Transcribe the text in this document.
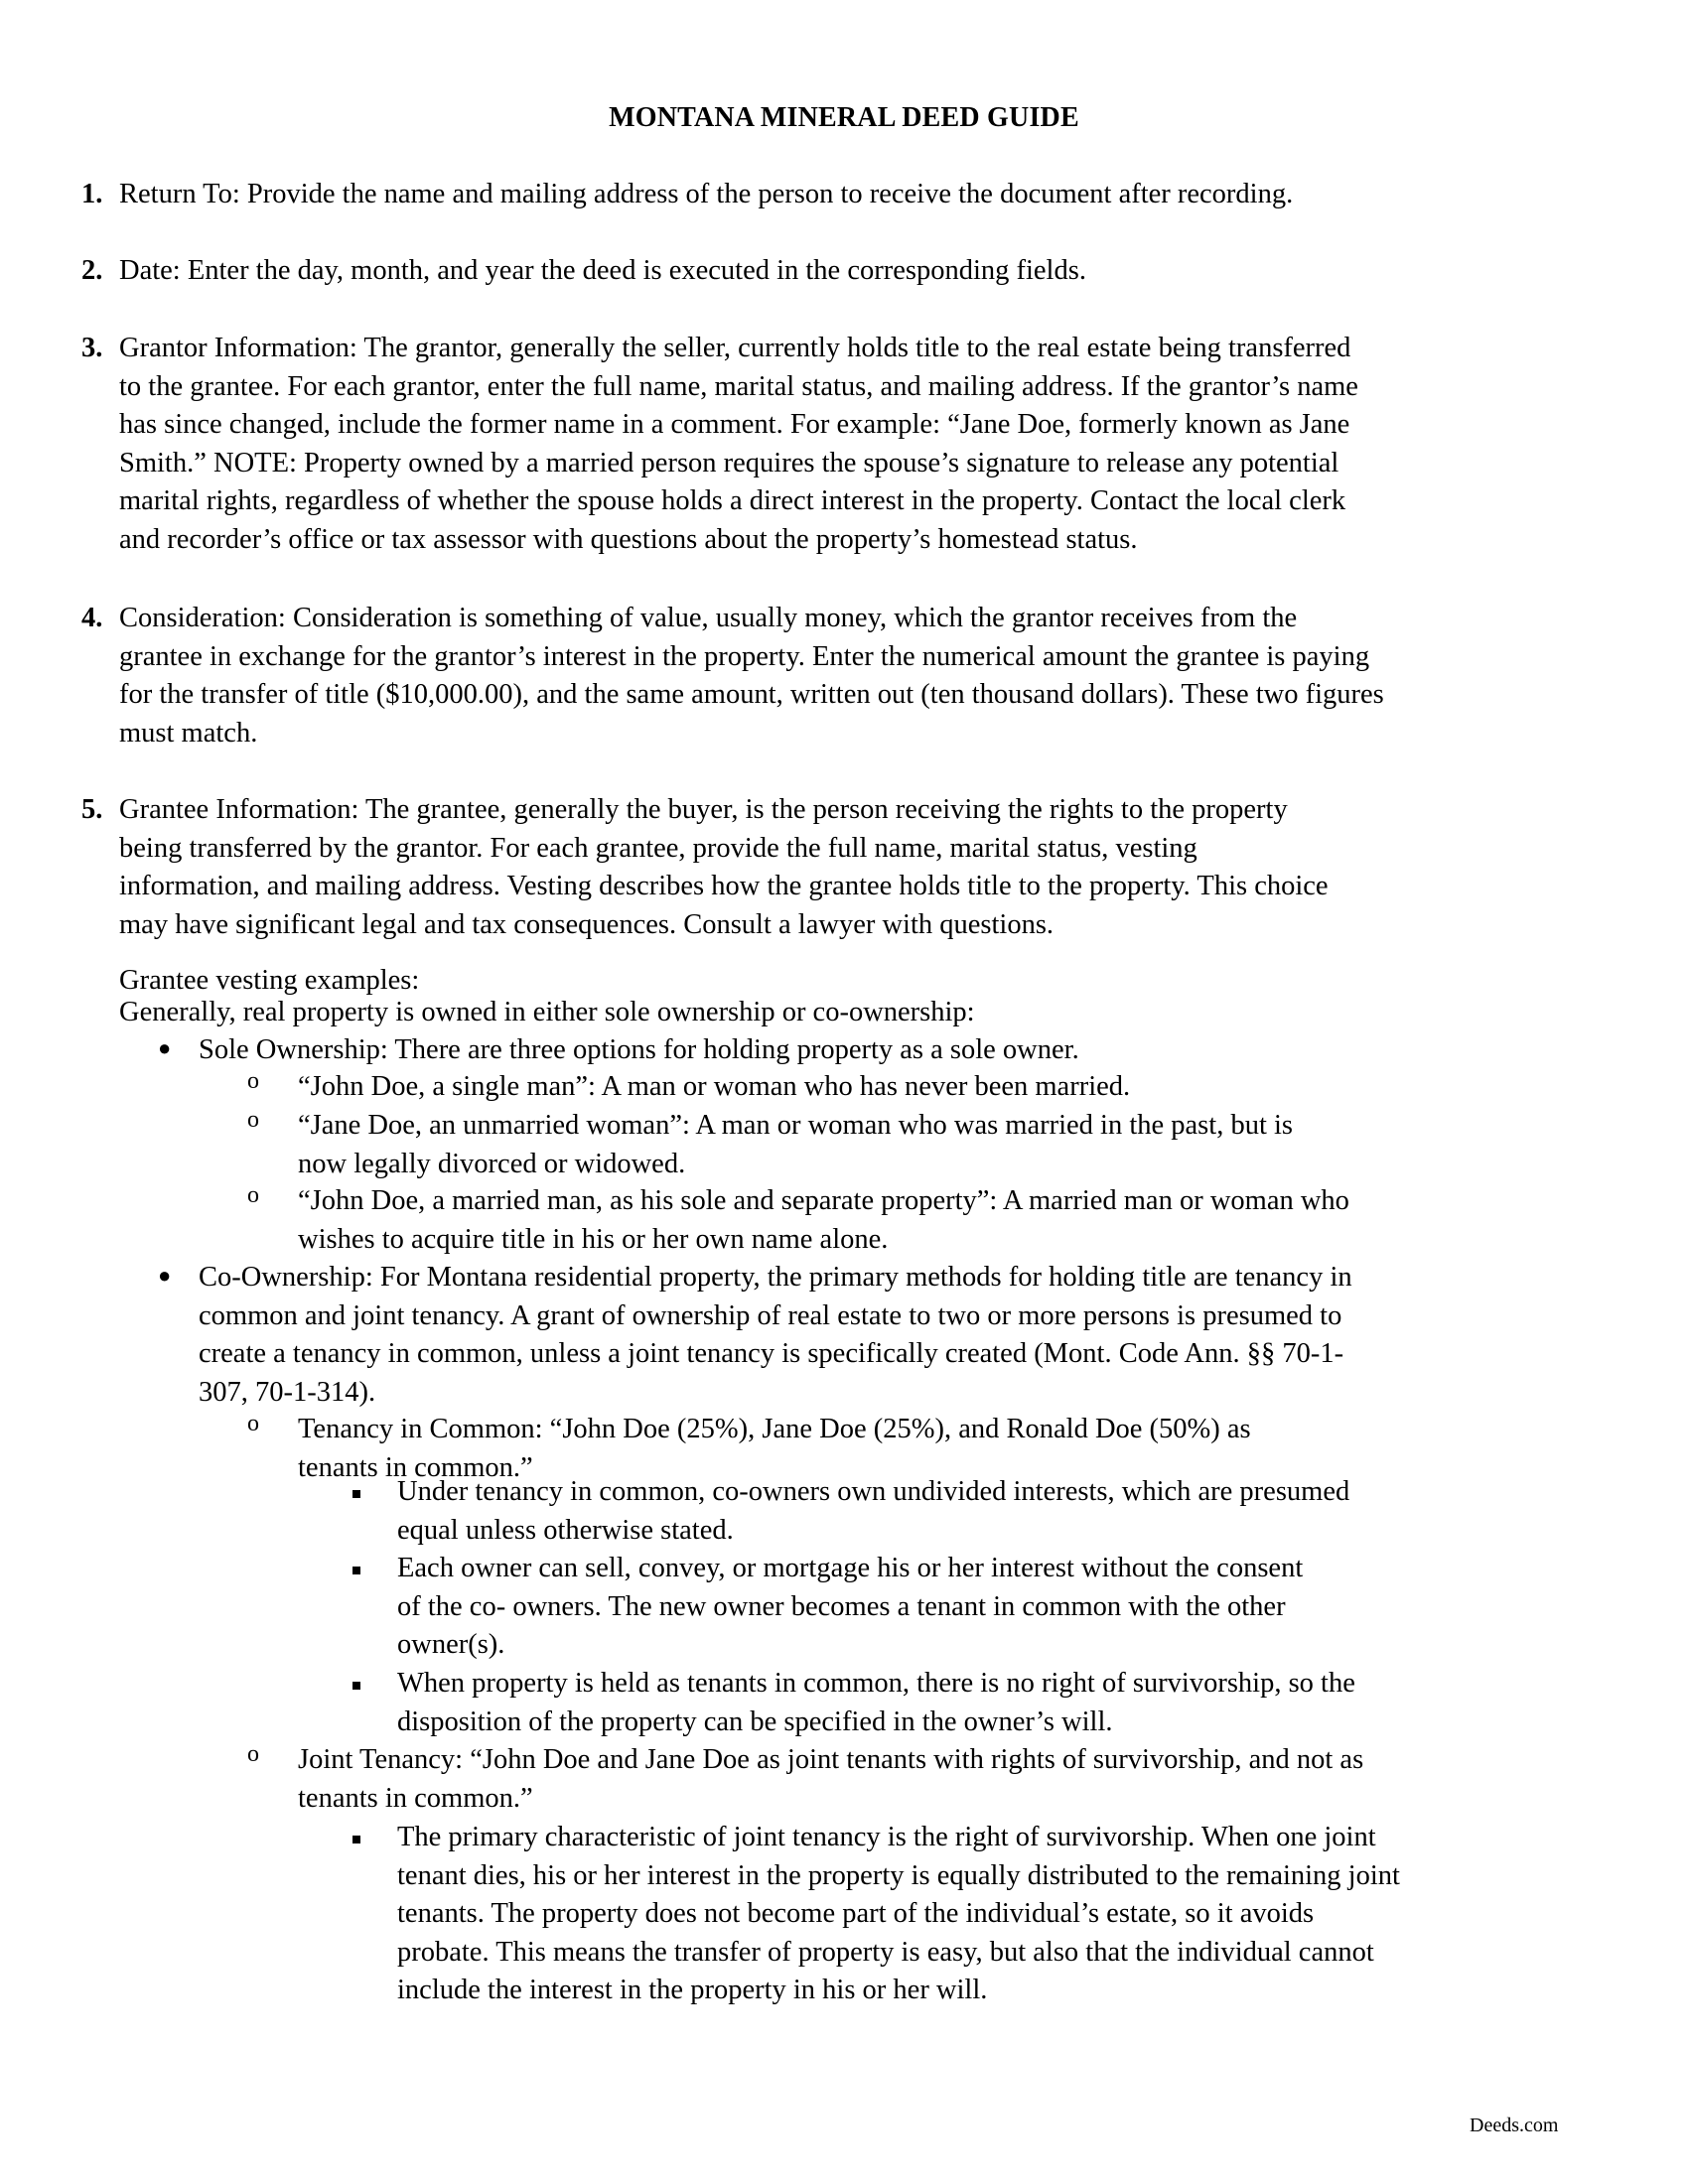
MONTANA MINERAL DEED GUIDE
1. Return To: Provide the name and mailing address of the person to receive the document after recording.
2. Date: Enter the day, month, and year the deed is executed in the corresponding fields.
3. Grantor Information: The grantor, generally the seller, currently holds title to the real estate being transferred
to the grantee. For each grantor, enter the full name, marital status, and mailing address. If the grantor’s name
has since changed, include the former name in a comment. For example: “Jane Doe, formerly known as Jane
Smith.” NOTE: Property owned by a married person requires the spouse’s signature to release any potential
marital rights, regardless of whether the spouse holds a direct interest in the property. Contact the local clerk
and recorder’s office or tax assessor with questions about the property’s homestead status.
4. Consideration: Consideration is something of value, usually money, which the grantor receives from the
grantee in exchange for the grantor’s interest in the property. Enter the numerical amount the grantee is paying
for the transfer of title ($10,000.00), and the same amount, written out (ten thousand dollars). These two figures
must match.
5. Grantee Information: The grantee, generally the buyer, is the person receiving the rights to the property
being transferred by the grantor. For each grantee, provide the full name, marital status, vesting
information, and mailing address. Vesting describes how the grantee holds title to the property. This choice
may have significant legal and tax consequences. Consult a lawyer with questions.
Grantee vesting examples:
Generally, real property is owned in either sole ownership or co-ownership:
● Sole Ownership: There are three options for holding property as a sole owner.
o “John Doe, a single man”: A man or woman who has never been married.
o “Jane Doe, an unmarried woman”: A man or woman who was married in the past, but is
now legally divorced or widowed.
o “John Doe, a married man, as his sole and separate property”: A married man or woman who
wishes to acquire title in his or her own name alone.
● Co-Ownership: For Montana residential property, the primary methods for holding title are tenancy in
common and joint tenancy. A grant of ownership of real estate to two or more persons is presumed to
create a tenancy in common, unless a joint tenancy is specifically created (Mont. Code Ann. §§ 70-1-
307, 70-1-314).
o Tenancy in Common: “John Doe (25%), Jane Doe (25%), and Ronald Doe (50%) as
tenants in common.”
Under tenancy in common, co-owners own undivided interests, which are presumed
equal unless otherwise stated.
Each owner can sell, convey, or mortgage his or her interest without the consent
of the co- owners. The new owner becomes a tenant in common with the other
owner(s).
When property is held as tenants in common, there is no right of survivorship, so the
disposition of the property can be specified in the owner’s will.
o Joint Tenancy: “John Doe and Jane Doe as joint tenants with rights of survivorship, and not as
tenants in common.”
The primary characteristic of joint tenancy is the right of survivorship. When one joint
tenant dies, his or her interest in the property is equally distributed to the remaining joint
tenants. The property does not become part of the individual’s estate, so it avoids
probate. This means the transfer of property is easy, but also that the individual cannot
include the interest in the property in his or her will.
Deeds.com
